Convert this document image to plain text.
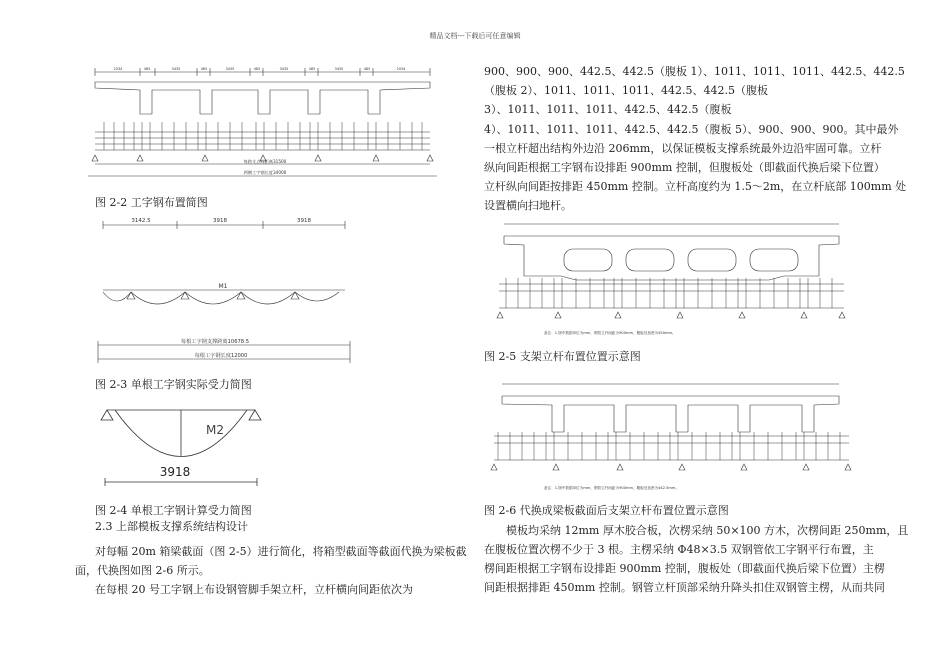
精品文档---下载后可任意编辑
2034	485	3435	485	3435	485	3435	485	3435	485	2034
每跨支点间距离31500
两侧工字钢长度34000
图 2-2 工字钢布置简图
3142.5	3918	3918
M1
每根工字钢支撑跨离10678.5
每根工字钢长度12000
图 2-3 单根工字钢实际受力简图
M2
3918
图 2-4 单根工字钢计算受力简图
2.3 上部模板支撑系统结构设计
对每幅 20m 箱梁截面（图 2-5）进行简化，将箱型截面等截面代换为梁板截
面，代换图如图 2-6 所示。
在每根 20 号工字钢上布设钢管脚手架立杆，立杆横向间距依次为
900、900、900、442.5、442.5（腹板 1）、1011、1011、1011、442.5、442.5
（腹板 2）、1011、1011、1011、442.5、442.5（腹板
3）、1011、1011、1011、442.5、442.5（腹板
4）、1011、1011、1011、442.5、442.5（腹板 5）、900、900、900。其中最外
一根立杆超出结构外边沿 206mm，以保证模板支撑系统最外边沿牢固可靠。立杆
纵向间距根据工字钢布设排距 900mm 控制，但腹板处（即截面代换后梁下位置）
立杆纵向间距按排距 450mm 控制。立杆高度约为 1.5～2m，在立杆底部 100mm 处
设置横向扫地杆。
备注：1.图中数据单位为mm，钢管立杆间距为900mm，腹板处加密为450mm。
图 2-5 支架立杆布置位置示意图
备注：1.图中数据单位为mm，钢管立杆间距为900mm，腹板处加密为442.5mm。
图 2-6 代换成梁板截面后支架立杆布置位置示意图
模板均采纳 12mm 厚木胶合板，次楞采纳 50×100 方木，次楞间距 250mm，且
在腹板位置次楞不少于 3 根。主楞采纳 Φ48×3.5 双钢管依工字钢平行布置，主
楞间距根据工字钢布设排距 900mm 控制，腹板处（即截面代换后梁下位置）主楞
间距根据排距 450mm 控制。钢管立杆顶部采纳升降头扣住双钢管主楞，从而共同
